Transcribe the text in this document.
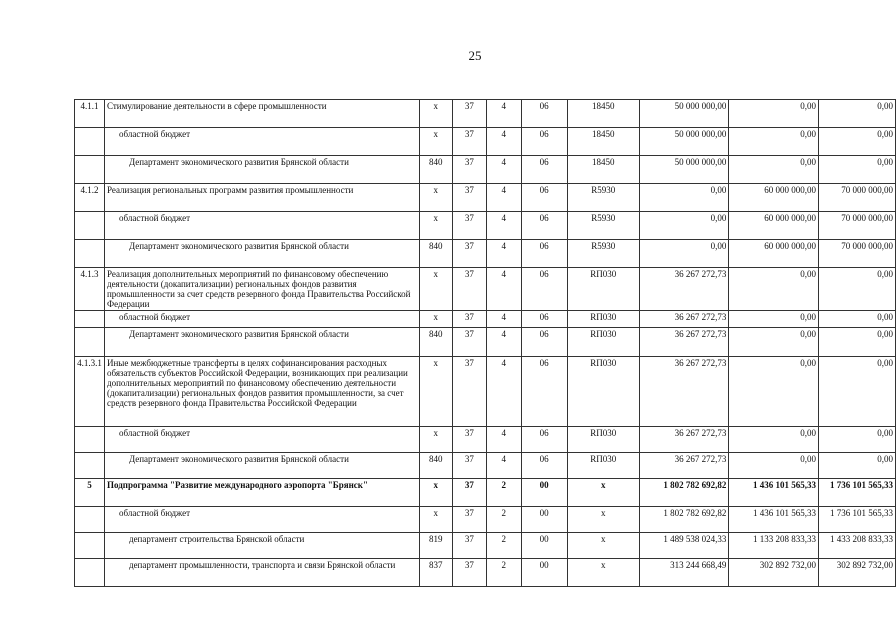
25
4.1.1	Стимулирование деятельности в сфере промышленности	х	37	4	06	18450	50 000 000,00	0,00	0,00
	областной бюджет	х	37	4	06	18450	50 000 000,00	0,00	0,00
	Департамент экономического развития Брянской области	840	37	4	06	18450	50 000 000,00	0,00	0,00
4.1.2	Реализация региональных программ развития промышленности	х	37	4	06	R5930	0,00	60 000 000,00	70 000 000,00
	областной бюджет	х	37	4	06	R5930	0,00	60 000 000,00	70 000 000,00
	Департамент экономического развития Брянской области	840	37	4	06	R5930	0,00	60 000 000,00	70 000 000,00
4.1.3	Реализация дополнительных мероприятий по финансовому обеспечению деятельности (докапитализации) региональных фондов развития промышленности за счет средств резервного фонда Правительства Российской Федерации	х	37	4	06	RП030	36 267 272,73	0,00	0,00
	областной бюджет	х	37	4	06	RП030	36 267 272,73	0,00	0,00
	Департамент экономического развития Брянской области	840	37	4	06	RП030	36 267 272,73	0,00	0,00
4.1.3.1	Иные межбюджетные трансферты в целях софинансирования расходных обязательств субъектов Российской Федерации, возникающих при реализации дополнительных мероприятий по финансовому обеспечению деятельности (докапитализации) региональных фондов развития промышленности, за счет средств резервного фонда Правительства Российской Федерации	х	37	4	06	RП030	36 267 272,73	0,00	0,00
	областной бюджет	х	37	4	06	RП030	36 267 272,73	0,00	0,00
	Департамент экономического развития Брянской области	840	37	4	06	RП030	36 267 272,73	0,00	0,00
5	Подпрограмма "Развитие международного аэропорта "Брянск"	х	37	2	00	х	1 802 782 692,82	1 436 101 565,33	1 736 101 565,33
	областной бюджет	х	37	2	00	х	1 802 782 692,82	1 436 101 565,33	1 736 101 565,33
	департамент строительства Брянской области	819	37	2	00	х	1 489 538 024,33	1 133 208 833,33	1 433 208 833,33
	департамент промышленности, транспорта и связи Брянской области	837	37	2	00	х	313 244 668,49	302 892 732,00	302 892 732,00
